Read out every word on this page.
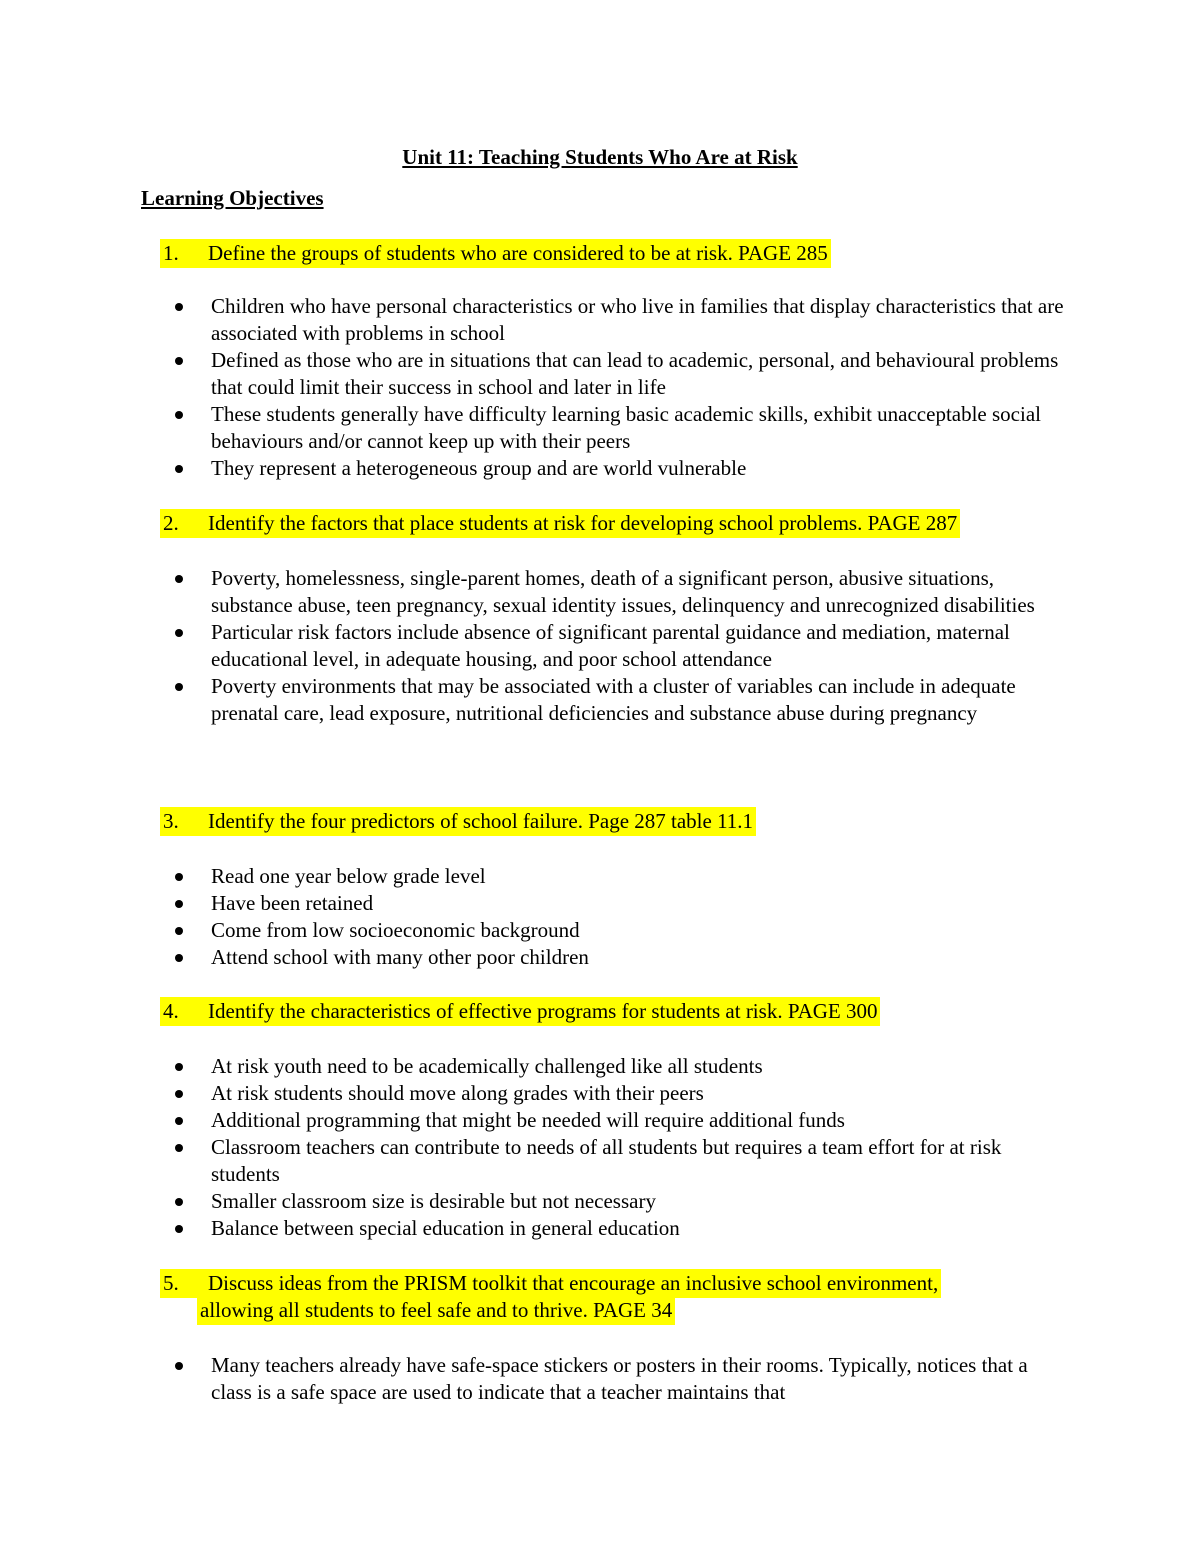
Unit 11: Teaching Students Who Are at Risk
Learning Objectives
1. Define the groups of students who are considered to be at risk. PAGE 285
Children who have personal characteristics or who live in families that display characteristics that are associated with problems in school
Defined as those who are in situations that can lead to academic, personal, and behavioural problems that could limit their success in school and later in life
These students generally have difficulty learning basic academic skills, exhibit unacceptable social behaviours and/or cannot keep up with their peers
They represent a heterogeneous group and are world vulnerable
2. Identify the factors that place students at risk for developing school problems. PAGE 287
Poverty, homelessness, single-parent homes, death of a significant person, abusive situations, substance abuse, teen pregnancy, sexual identity issues, delinquency and unrecognized disabilities
Particular risk factors include absence of significant parental guidance and mediation, maternal educational level, in adequate housing, and poor school attendance
Poverty environments that may be associated with a cluster of variables can include in adequate prenatal care, lead exposure, nutritional deficiencies and substance abuse during pregnancy
3. Identify the four predictors of school failure. Page 287 table 11.1
Read one year below grade level
Have been retained
Come from low socioeconomic background
Attend school with many other poor children
4. Identify the characteristics of effective programs for students at risk. PAGE 300
At risk youth need to be academically challenged like all students
At risk students should move along grades with their peers
Additional programming that might be needed will require additional funds
Classroom teachers can contribute to needs of all students but requires a team effort for at risk students
Smaller classroom size is desirable but not necessary
Balance between special education in general education
5. Discuss ideas from the PRISM toolkit that encourage an inclusive school environment,
allowing all students to feel safe and to thrive. PAGE 34
Many teachers already have safe-space stickers or posters in their rooms. Typically, notices that a class is a safe space are used to indicate that a teacher maintains that
